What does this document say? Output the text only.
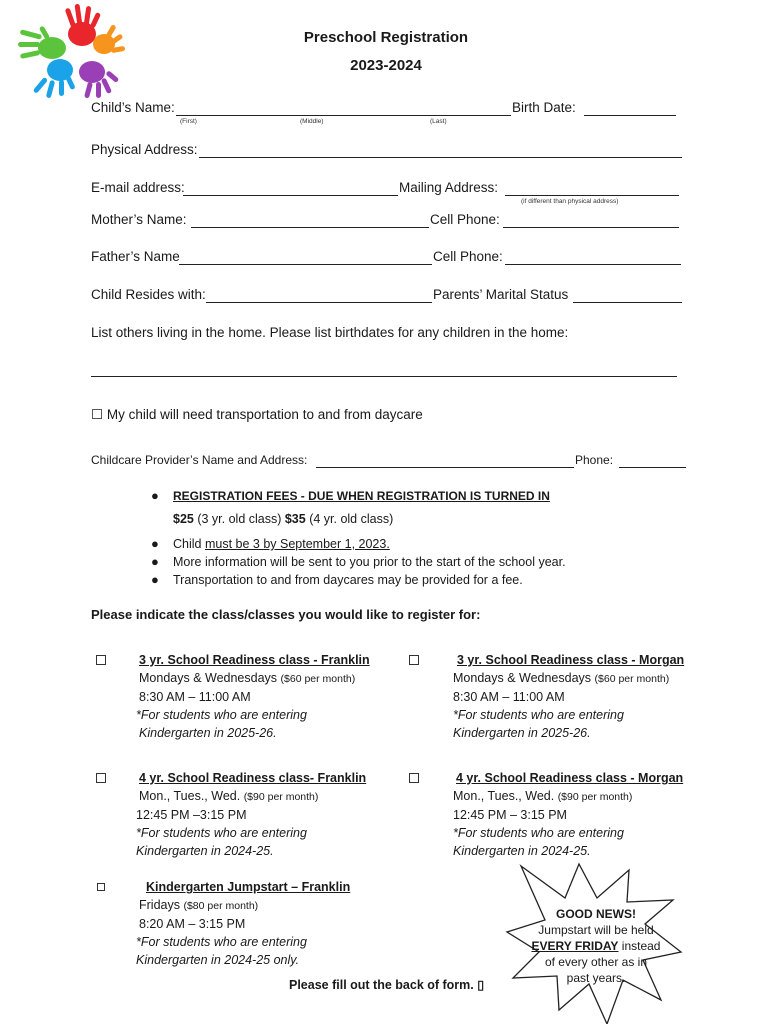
Preschool Registration
2023-2024
Child’s Name:	Birth Date:
(First)	(Middle)	(Last)
Physical Address:
E-mail address:	Mailing Address:
(if different than physical address)
Mother’s Name:	Cell Phone:
Father’s Name	Cell Phone:
Child Resides with:	Parents’ Marital Status
List others living in the home. Please list birthdates for any children in the home:
☐ My child will need transportation to and from daycare
Childcare Provider’s Name and Address:	Phone:
● REGISTRATION FEES - DUE WHEN REGISTRATION IS TURNED IN
$25 (3 yr. old class) $35 (4 yr. old class)
● Child must be 3 by September 1, 2023.
● More information will be sent to you prior to the start of the school year.
● Transportation to and from daycares may be provided for a fee.
Please indicate the class/classes you would like to register for:
3 yr. School Readiness class - Franklin
Mondays & Wednesdays ($60 per month)
8:30 AM – 11:00 AM
*For students who are entering
Kindergarten in 2025-26.
3 yr. School Readiness class - Morgan
Mondays & Wednesdays ($60 per month)
8:30 AM – 11:00 AM
*For students who are entering
Kindergarten in 2025-26.
4 yr. School Readiness class- Franklin
Mon., Tues., Wed. ($90 per month)
12:45 PM –3:15 PM
*For students who are entering
Kindergarten in 2024-25.
4 yr. School Readiness class - Morgan
Mon., Tues., Wed. ($90 per month)
12:45 PM – 3:15 PM
*For students who are entering
Kindergarten in 2024-25.
Kindergarten Jumpstart – Franklin
Fridays ($80 per month)
8:20 AM – 3:15 PM
*For students who are entering
Kindergarten in 2024-25 only.
GOOD NEWS!
Jumpstart will be held
EVERY FRIDAY instead
of every other as in
past years.
Please fill out the back of form. ▯
